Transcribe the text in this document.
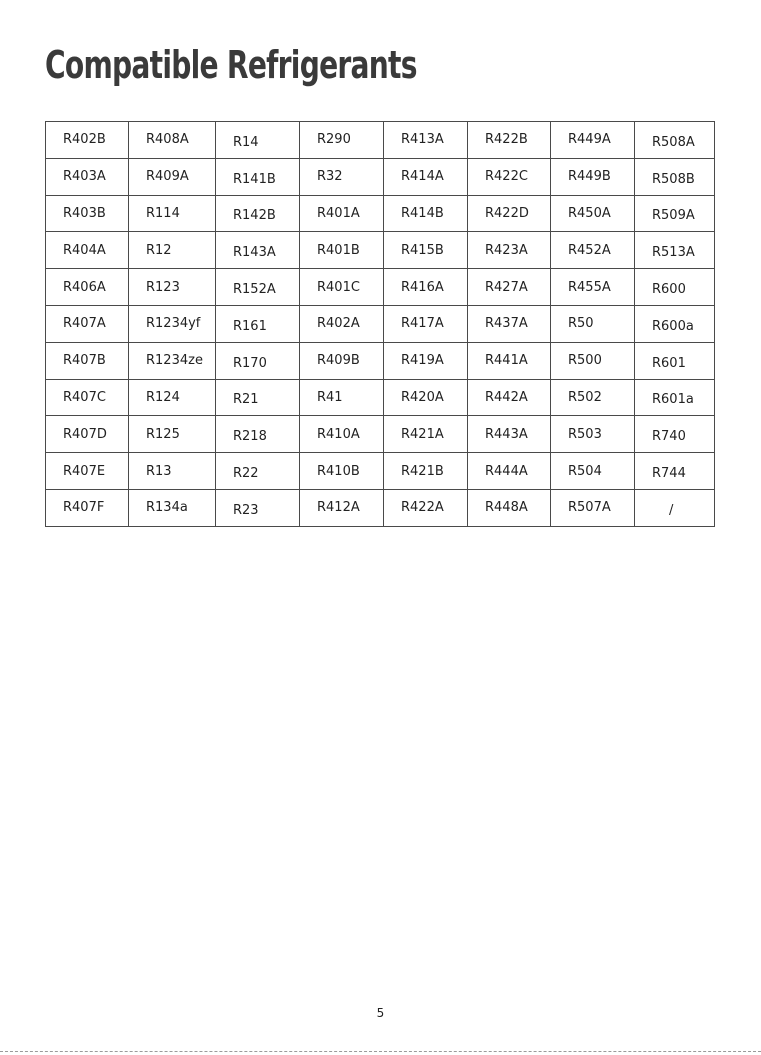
Compatible Refrigerants
R402B	R408A	R14	R290	R413A	R422B	R449A	R508A
R403A	R409A	R141B	R32	R414A	R422C	R449B	R508B
R403B	R114	R142B	R401A	R414B	R422D	R450A	R509A
R404A	R12	R143A	R401B	R415B	R423A	R452A	R513A
R406A	R123	R152A	R401C	R416A	R427A	R455A	R600
R407A	R1234yf	R161	R402A	R417A	R437A	R50	R600a
R407B	R1234ze	R170	R409B	R419A	R441A	R500	R601
R407C	R124	R21	R41	R420A	R442A	R502	R601a
R407D	R125	R218	R410A	R421A	R443A	R503	R740
R407E	R13	R22	R410B	R421B	R444A	R504	R744
R407F	R134a	R23	R412A	R422A	R448A	R507A	/
5
